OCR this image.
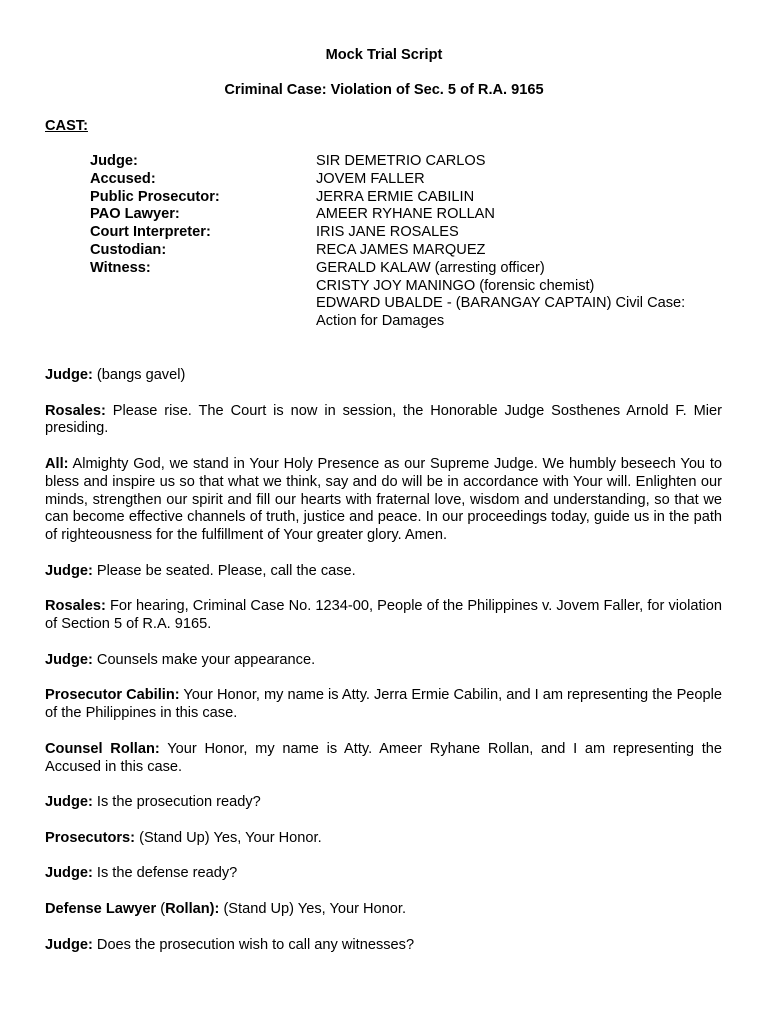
Mock Trial Script

Criminal Case: Violation of Sec. 5 of R.A. 9165

CAST:

Judge:	SIR DEMETRIO CARLOS
Accused:	JOVEM FALLER
Public Prosecutor:	JERRA ERMIE CABILIN
PAO Lawyer:	AMEER RYHANE ROLLAN
Court Interpreter:	IRIS JANE ROSALES
Custodian:	RECA JAMES MARQUEZ
Witness:	GERALD KALAW (arresting officer)
CRISTY JOY MANINGO (forensic chemist)
EDWARD UBALDE - (BARANGAY CAPTAIN) Civil Case:
Action for Damages

Judge: (bangs gavel)

Rosales: Please rise. The Court is now in session, the Honorable Judge Sosthenes Arnold F. Mier presiding.

All: Almighty God, we stand in Your Holy Presence as our Supreme Judge. We humbly beseech You to bless and inspire us so that what we think, say and do will be in accordance with Your will. Enlighten our minds, strengthen our spirit and fill our hearts with fraternal love, wisdom and understanding, so that we can become effective channels of truth, justice and peace. In our proceedings today, guide us in the path of righteousness for the fulfillment of Your greater glory. Amen.

Judge: Please be seated. Please, call the case.

Rosales: For hearing, Criminal Case No. 1234-00, People of the Philippines v. Jovem Faller, for violation of Section 5 of R.A. 9165.

Judge: Counsels make your appearance.

Prosecutor Cabilin: Your Honor, my name is Atty. Jerra Ermie Cabilin, and I am representing the People of the Philippines in this case.

Counsel Rollan: Your Honor, my name is Atty. Ameer Ryhane Rollan, and I am representing the Accused in this case.

Judge: Is the prosecution ready?

Prosecutors: (Stand Up) Yes, Your Honor.

Judge: Is the defense ready?

Defense Lawyer (Rollan): (Stand Up) Yes, Your Honor.

Judge: Does the prosecution wish to call any witnesses?
